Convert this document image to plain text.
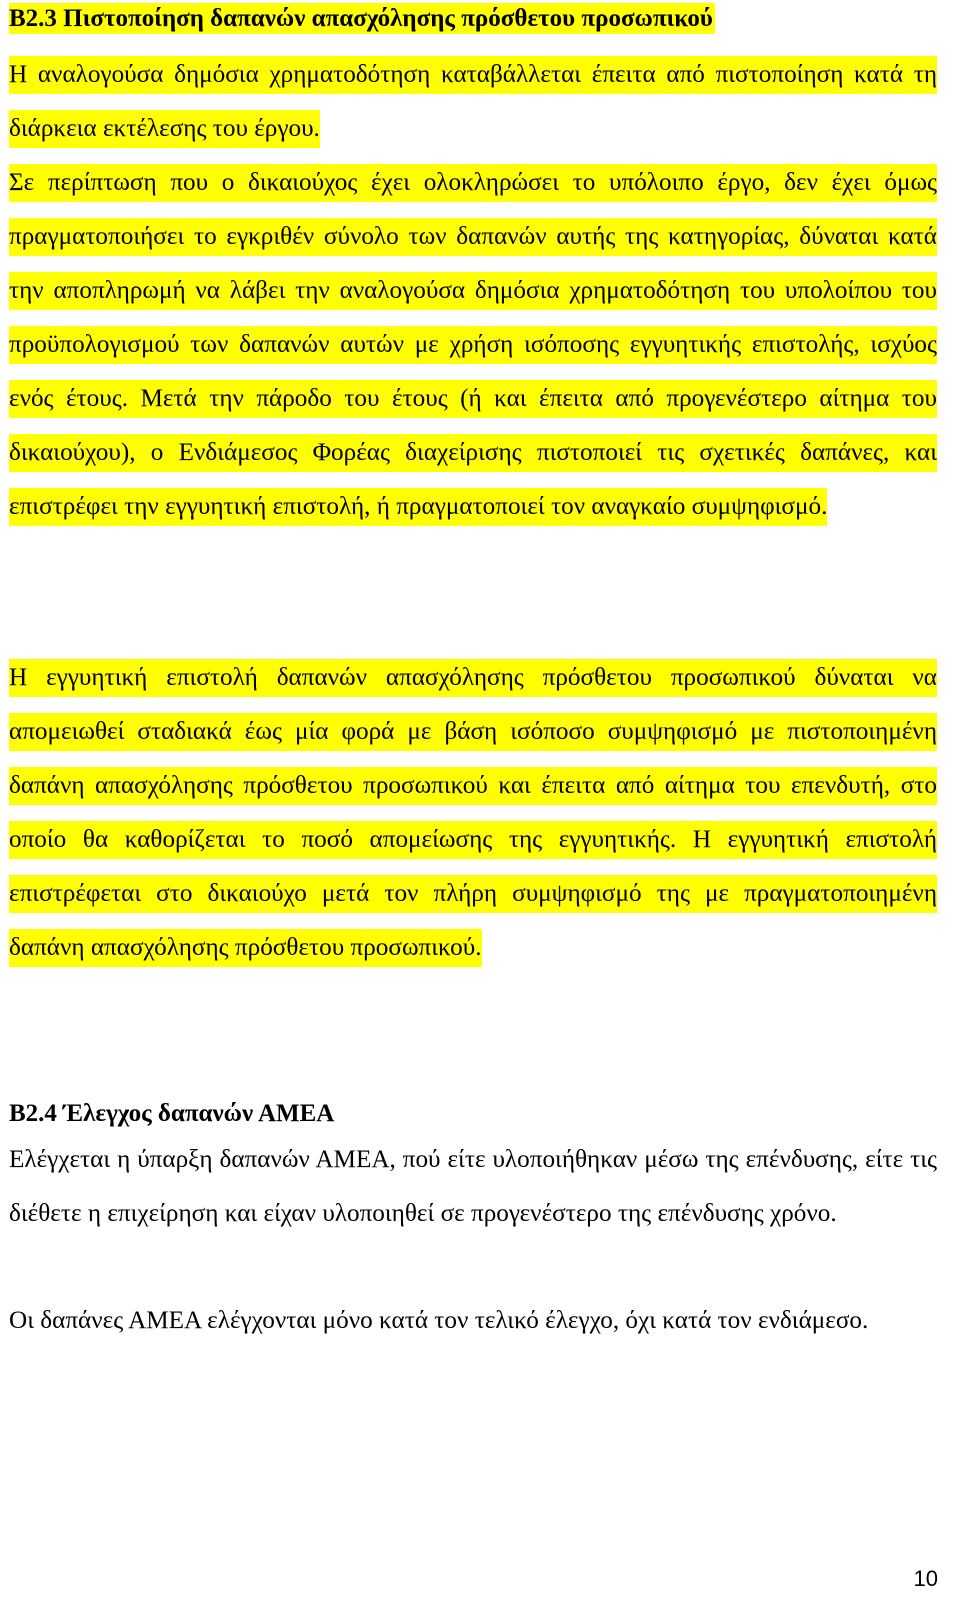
Β2.3 Πιστοποίηση δαπανών απασχόλησης πρόσθετου προσωπικού

Η αναλογούσα δημόσια χρηματοδότηση καταβάλλεται έπειτα από πιστοποίηση κατά τη διάρκεια εκτέλεσης του έργου.

Σε περίπτωση που ο δικαιούχος έχει ολοκληρώσει το υπόλοιπο έργο, δεν έχει όμως πραγματοποιήσει το εγκριθέν σύνολο των δαπανών αυτής της κατηγορίας, δύναται κατά την αποπληρωμή να λάβει την αναλογούσα δημόσια χρηματοδότηση του υπολοίπου του προϋπολογισμού των δαπανών αυτών με χρήση ισόποσης εγγυητικής επιστολής, ισχύος ενός έτους. Μετά την πάροδο του έτους (ή και έπειτα από προγενέστερο αίτημα του δικαιούχου), ο Ενδιάμεσος Φορέας διαχείρισης πιστοποιεί τις σχετικές δαπάνες, και επιστρέφει την εγγυητική επιστολή, ή πραγματοποιεί τον αναγκαίο συμψηφισμό.

Η εγγυητική επιστολή δαπανών απασχόλησης πρόσθετου προσωπικού δύναται να απομειωθεί σταδιακά έως μία φορά με βάση ισόποσο συμψηφισμό με πιστοποιημένη δαπάνη απασχόλησης πρόσθετου προσωπικού και έπειτα από αίτημα του επενδυτή, στο οποίο θα καθορίζεται το ποσό απομείωσης της εγγυητικής. Η εγγυητική επιστολή επιστρέφεται στο δικαιούχο μετά τον πλήρη συμψηφισμό της με πραγματοποιημένη δαπάνη απασχόλησης πρόσθετου προσωπικού.

Β2.4 Έλεγχος δαπανών ΑΜΕΑ

Ελέγχεται η ύπαρξη δαπανών ΑΜΕΑ, πού είτε υλοποιήθηκαν μέσω της επένδυσης, είτε τις διέθετε η επιχείρηση και είχαν υλοποιηθεί σε προγενέστερο της επένδυσης χρόνο.

Οι δαπάνες ΑΜΕΑ ελέγχονται μόνο κατά τον τελικό έλεγχο, όχι κατά τον ενδιάμεσο.

10
